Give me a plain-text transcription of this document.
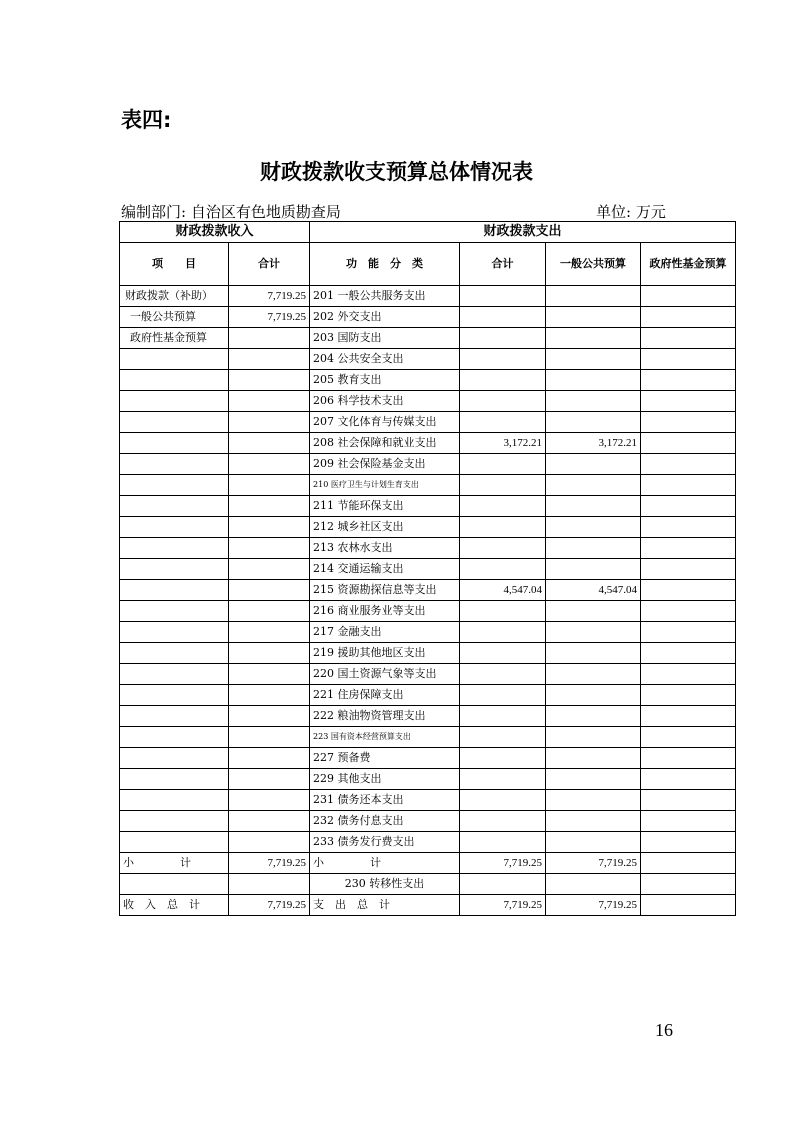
表四:
财政拨款收支预算总体情况表
编制部门: 自治区有色地质勘查局	单位: 万元
财政拨款收入		财政拨款支出			
项　　目	合计	功　能　分　类	合计	一般公共预算	政府性基金预算
财政拨款（补助）	7,719.25	201 一般公共服务支出			
一般公共预算	7,719.25	202 外交支出			
政府性基金预算		203 国防支出			
		204 公共安全支出			
		205 教育支出			
		206 科学技术支出			
		207 文化体育与传媒支出			
		208 社会保障和就业支出	3,172.21	3,172.21	
		209 社会保险基金支出			
		210 医疗卫生与计划生育支出			
		211 节能环保支出			
		212 城乡社区支出			
		213 农林水支出			
		214 交通运输支出			
		215 资源勘探信息等支出	4,547.04	4,547.04	
		216 商业服务业等支出			
		217 金融支出			
		219 援助其他地区支出			
		220 国土资源气象等支出			
		221 住房保障支出			
		222 粮油物资管理支出			
		223 国有资本经营预算支出			
		227 预备费			
		229 其他支出			
		231 债务还本支出			
		232 债务付息支出			
		233 债务发行费支出			
小　　计	7,719.25	小　　计	7,719.25	7,719.25	
		230 转移性支出			
收　入　总　计	7,719.25	支　出　总　计	7,719.25	7,719.25	
16
